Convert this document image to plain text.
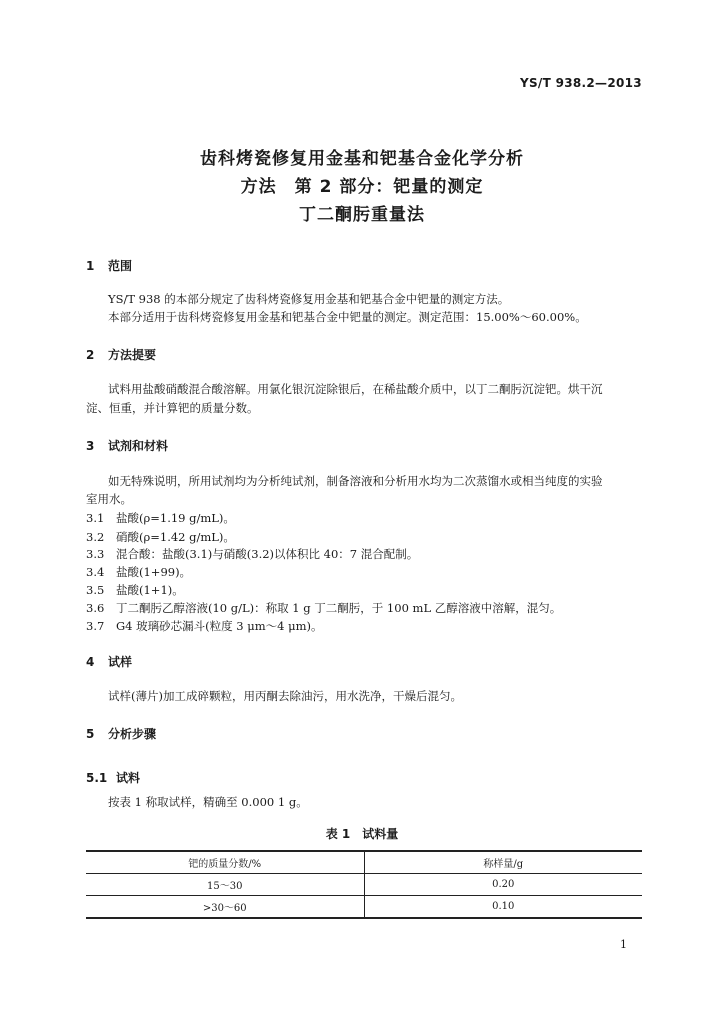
YS/T 938.2—2013
齿科烤瓷修复用金基和钯基合金化学分析
方法　第 2 部分：钯量的测定
丁二酮肟重量法
1 范围
YS/T 938 的本部分规定了齿科烤瓷修复用金基和钯基合金中钯量的测定方法。
本部分适用于齿科烤瓷修复用金基和钯基合金中钯量的测定。测定范围：15.00%～60.00%。
2 方法提要
试料用盐酸硝酸混合酸溶解。用氯化银沉淀除银后，在稀盐酸介质中，以丁二酮肟沉淀钯。烘干沉
淀、恒重，并计算钯的质量分数。
3 试剂和材料
如无特殊说明，所用试剂均为分析纯试剂，制备溶液和分析用水均为二次蒸馏水或相当纯度的实验
室用水。
3.1 盐酸(ρ=1.19 g/mL)。
3.2 硝酸(ρ=1.42 g/mL)。
3.3 混合酸：盐酸(3.1)与硝酸(3.2)以体积比 40：7 混合配制。
3.4 盐酸(1+99)。
3.5 盐酸(1+1)。
3.6 丁二酮肟乙醇溶液(10 g/L)：称取 1 g 丁二酮肟，于 100 mL 乙醇溶液中溶解，混匀。
3.7 G4 玻璃砂芯漏斗(粒度 3 μm～4 μm)。
4 试样
试样(薄片)加工成碎颗粒，用丙酮去除油污，用水洗净，干燥后混匀。
5 分析步骤
5.1 试料
按表 1 称取试样，精确至 0.000 1 g。
表 1　试料量
钯的质量分数/%	称样量/g
15～30	0.20
>30～60	0.10
1
